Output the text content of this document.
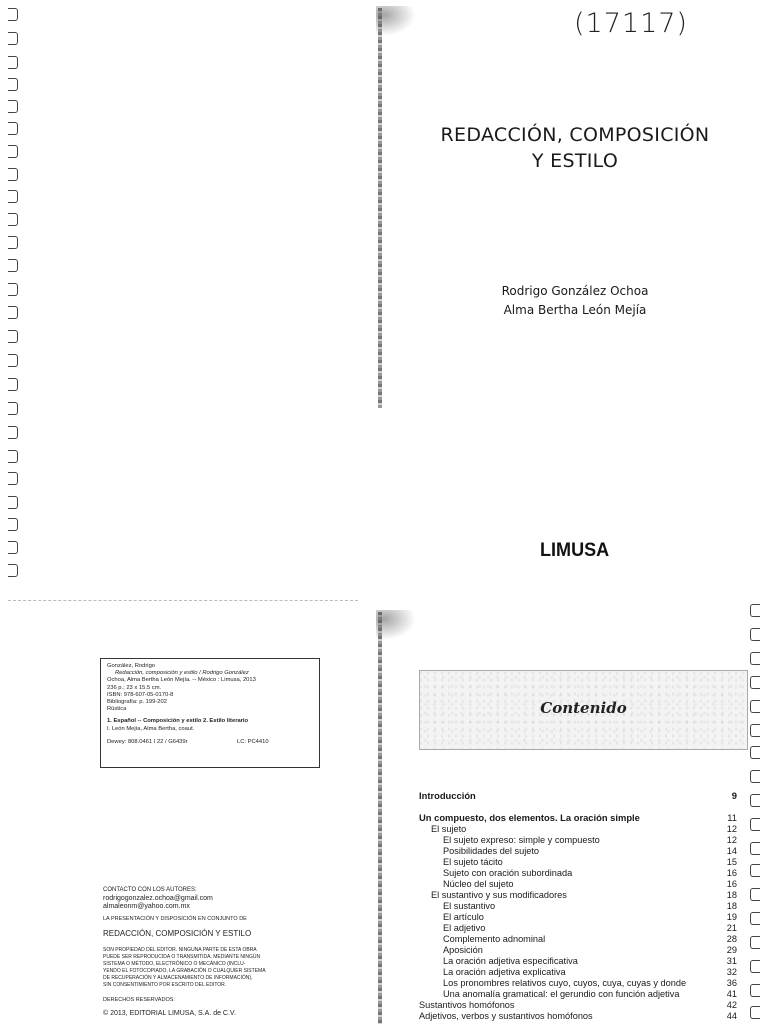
(17117)
REDACCIÓN, COMPOSICIÓN
Y ESTILO
Rodrigo González Ochoa
Alma Bertha León Mejía
LIMUSA
González, Rodrigo
Redacción, composición y estilo / Rodrigo González
Ochoa, Alma Bertha León Mejía. -- México : Limusa, 2013
236 p.; 23 x 15.5 cm.
ISBN: 978-607-05-0170-8
Bibliografía: p. 199-202
Rústica
1. Español -- Composición y estilo 2. Estilo literario
I. León Mejía, Alma Bertha, coaut.
Dewey: 808.0461 I 22 / G6439r	LC: PC4410
CONTACTO CON LOS AUTORES:
rodrigogonzalez.ochoa@gmail.com
almaleonm@yahoo.com.mx
LA PRESENTACIÓN Y DISPOSICIÓN EN CONJUNTO DE
REDACCIÓN, COMPOSICIÓN Y ESTILO
SON PROPIEDAD DEL EDITOR. NINGUNA PARTE DE ESTA OBRA
PUEDE SER REPRODUCIDA O TRANSMITIDA, MEDIANTE NINGÚN
SISTEMA O MÉTODO, ELECTRÓNICO O MECÁNICO (INCLU-
YENDO EL FOTOCOPIADO, LA GRABACIÓN O CUALQUIER SISTEMA
DE RECUPERACIÓN Y ALMACENAMIENTO DE INFORMACIÓN),
SIN CONSENTIMIENTO POR ESCRITO DEL EDITOR.
DERECHOS RESERVADOS:
© 2013, EDITORIAL LIMUSA, S.A. de C.V.
Contenido
Introducción	9
Un compuesto, dos elementos. La oración simple	11
El sujeto	12
El sujeto expreso: simple y compuesto	12
Posibilidades del sujeto	14
El sujeto tácito	15
Sujeto con oración subordinada	16
Núcleo del sujeto	16
El sustantivo y sus modificadores	18
El sustantivo	18
El artículo	19
El adjetivo	21
Complemento adnominal	28
Aposición	29
La oración adjetiva especificativa	31
La oración adjetiva explicativa	32
Los pronombres relativos cuyo, cuyos, cuya, cuyas y donde	36
Una anomalía gramatical: el gerundio con función adjetiva	41
Sustantivos homófonos	42
Adjetivos, verbos y sustantivos homófonos	44
